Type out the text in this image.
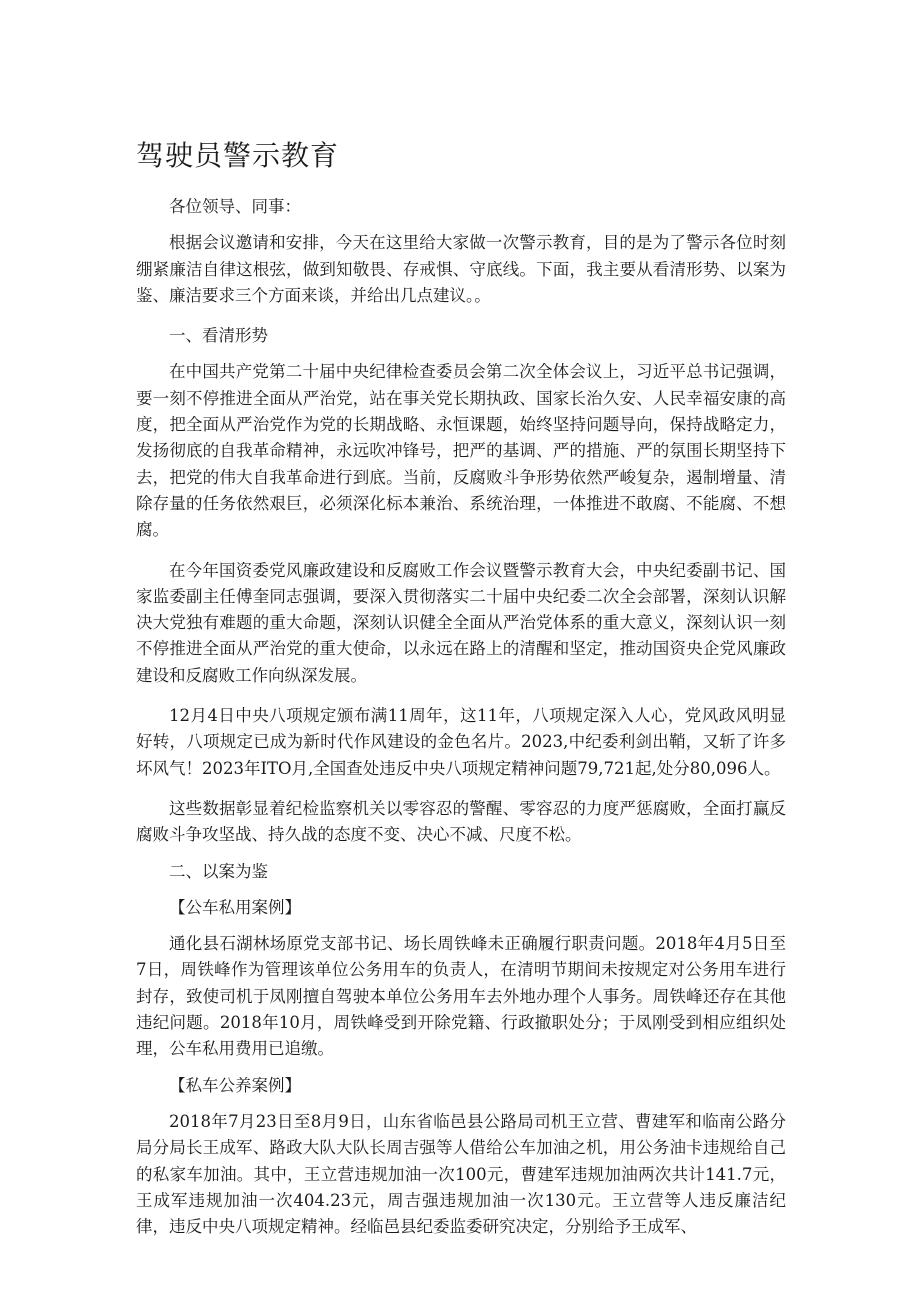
驾驶员警示教育

各位领导、同事：

根据会议邀请和安排，今天在这里给大家做一次警示教育，目的是为了警示各位时刻绷紧廉洁自律这根弦，做到知敬畏、存戒惧、守底线。下面，我主要从看清形势、以案为鉴、廉洁要求三个方面来谈，并给出几点建议。。

一、看清形势

在中国共产党第二十届中央纪律检查委员会第二次全体会议上，习近平总书记强调，要一刻不停推进全面从严治党，站在事关党长期执政、国家长治久安、人民幸福安康的高度，把全面从严治党作为党的长期战略、永恒课题，始终坚持问题导向，保持战略定力，发扬彻底的自我革命精神，永远吹冲锋号，把严的基调、严的措施、严的氛围长期坚持下去，把党的伟大自我革命进行到底。当前，反腐败斗争形势依然严峻复杂，遏制增量、清除存量的任务依然艰巨，必须深化标本兼治、系统治理，一体推进不敢腐、不能腐、不想腐。

在今年国资委党风廉政建设和反腐败工作会议暨警示教育大会，中央纪委副书记、国家监委副主任傅奎同志强调，要深入贯彻落实二十届中央纪委二次全会部署，深刻认识解决大党独有难题的重大命题，深刻认识健全全面从严治党体系的重大意义，深刻认识一刻不停推进全面从严治党的重大使命，以永远在路上的清醒和坚定，推动国资央企党风廉政建设和反腐败工作向纵深发展。

12月4日中央八项规定颁布满11周年，这11年，八项规定深入人心，党风政风明显好转，八项规定已成为新时代作风建设的金色名片。2023,中纪委利剑出鞘，又斩了许多坏风气！2023年ITO月,全国查处违反中央八项规定精神问题79,721起,处分80,096人。

这些数据彰显着纪检监察机关以零容忍的警醒、零容忍的力度严惩腐败，全面打赢反腐败斗争攻坚战、持久战的态度不变、决心不减、尺度不松。

二、以案为鉴

【公车私用案例】

通化县石湖林场原党支部书记、场长周铁峰未正确履行职责问题。2018年4月5日至7日，周铁峰作为管理该单位公务用车的负责人，在清明节期间未按规定对公务用车进行封存，致使司机于凤刚擅自驾驶本单位公务用车去外地办理个人事务。周铁峰还存在其他违纪问题。2018年10月，周铁峰受到开除党籍、行政撤职处分；于凤刚受到相应组织处理，公车私用费用已追缴。

【私车公养案例】

2018年7月23日至8月9日，山东省临邑县公路局司机王立营、曹建军和临南公路分局分局长王成军、路政大队大队长周吉强等人借给公车加油之机，用公务油卡违规给自己的私家车加油。其中，王立营违规加油一次100元，曹建军违规加油两次共计141.7元，王成军违规加油一次404.23元，周吉强违规加油一次130元。王立营等人违反廉洁纪律，违反中央八项规定精神。经临邑县纪委监委研究决定，分别给予王成军、
